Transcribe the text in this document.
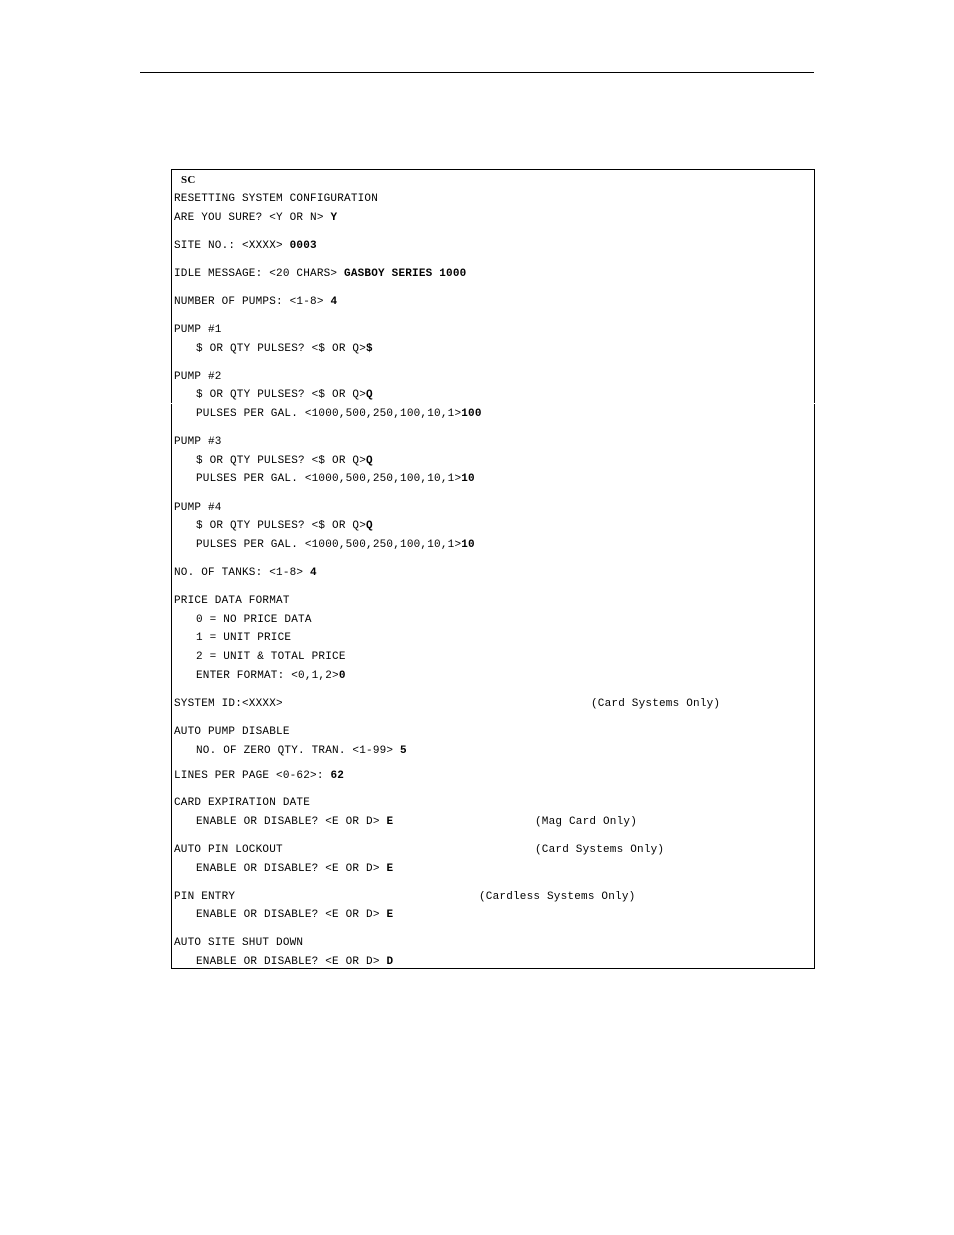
SC
RESETTING SYSTEM CONFIGURATION
ARE YOU SURE? <Y OR N> Y
SITE NO.: <XXXX> 0003
IDLE MESSAGE: <20 CHARS> GASBOY SERIES 1000
NUMBER OF PUMPS: <1-8> 4
PUMP #1
$ OR QTY PULSES? <$ OR Q>$
PUMP #2
$ OR QTY PULSES? <$ OR Q>Q
PULSES PER GAL. <1000,500,250,100,10,1>100
PUMP #3
$ OR QTY PULSES? <$ OR Q>Q
PULSES PER GAL. <1000,500,250,100,10,1>10
PUMP #4
$ OR QTY PULSES? <$ OR Q>Q
PULSES PER GAL. <1000,500,250,100,10,1>10
NO. OF TANKS: <1-8> 4
PRICE DATA FORMAT
0 = NO PRICE DATA
1 = UNIT PRICE
2 = UNIT & TOTAL PRICE
ENTER FORMAT: <0,1,2>0
SYSTEM ID:<XXXX>	(Card Systems Only)
AUTO PUMP DISABLE
NO. OF ZERO QTY. TRAN. <1-99> 5
LINES PER PAGE <0-62>: 62
CARD EXPIRATION DATE
ENABLE OR DISABLE? <E OR D> E	(Mag Card Only)
AUTO PIN LOCKOUT	(Card Systems Only)
ENABLE OR DISABLE? <E OR D> E
PIN ENTRY	(Cardless Systems Only)
ENABLE OR DISABLE? <E OR D> E
AUTO SITE SHUT DOWN
ENABLE OR DISABLE? <E OR D> D
